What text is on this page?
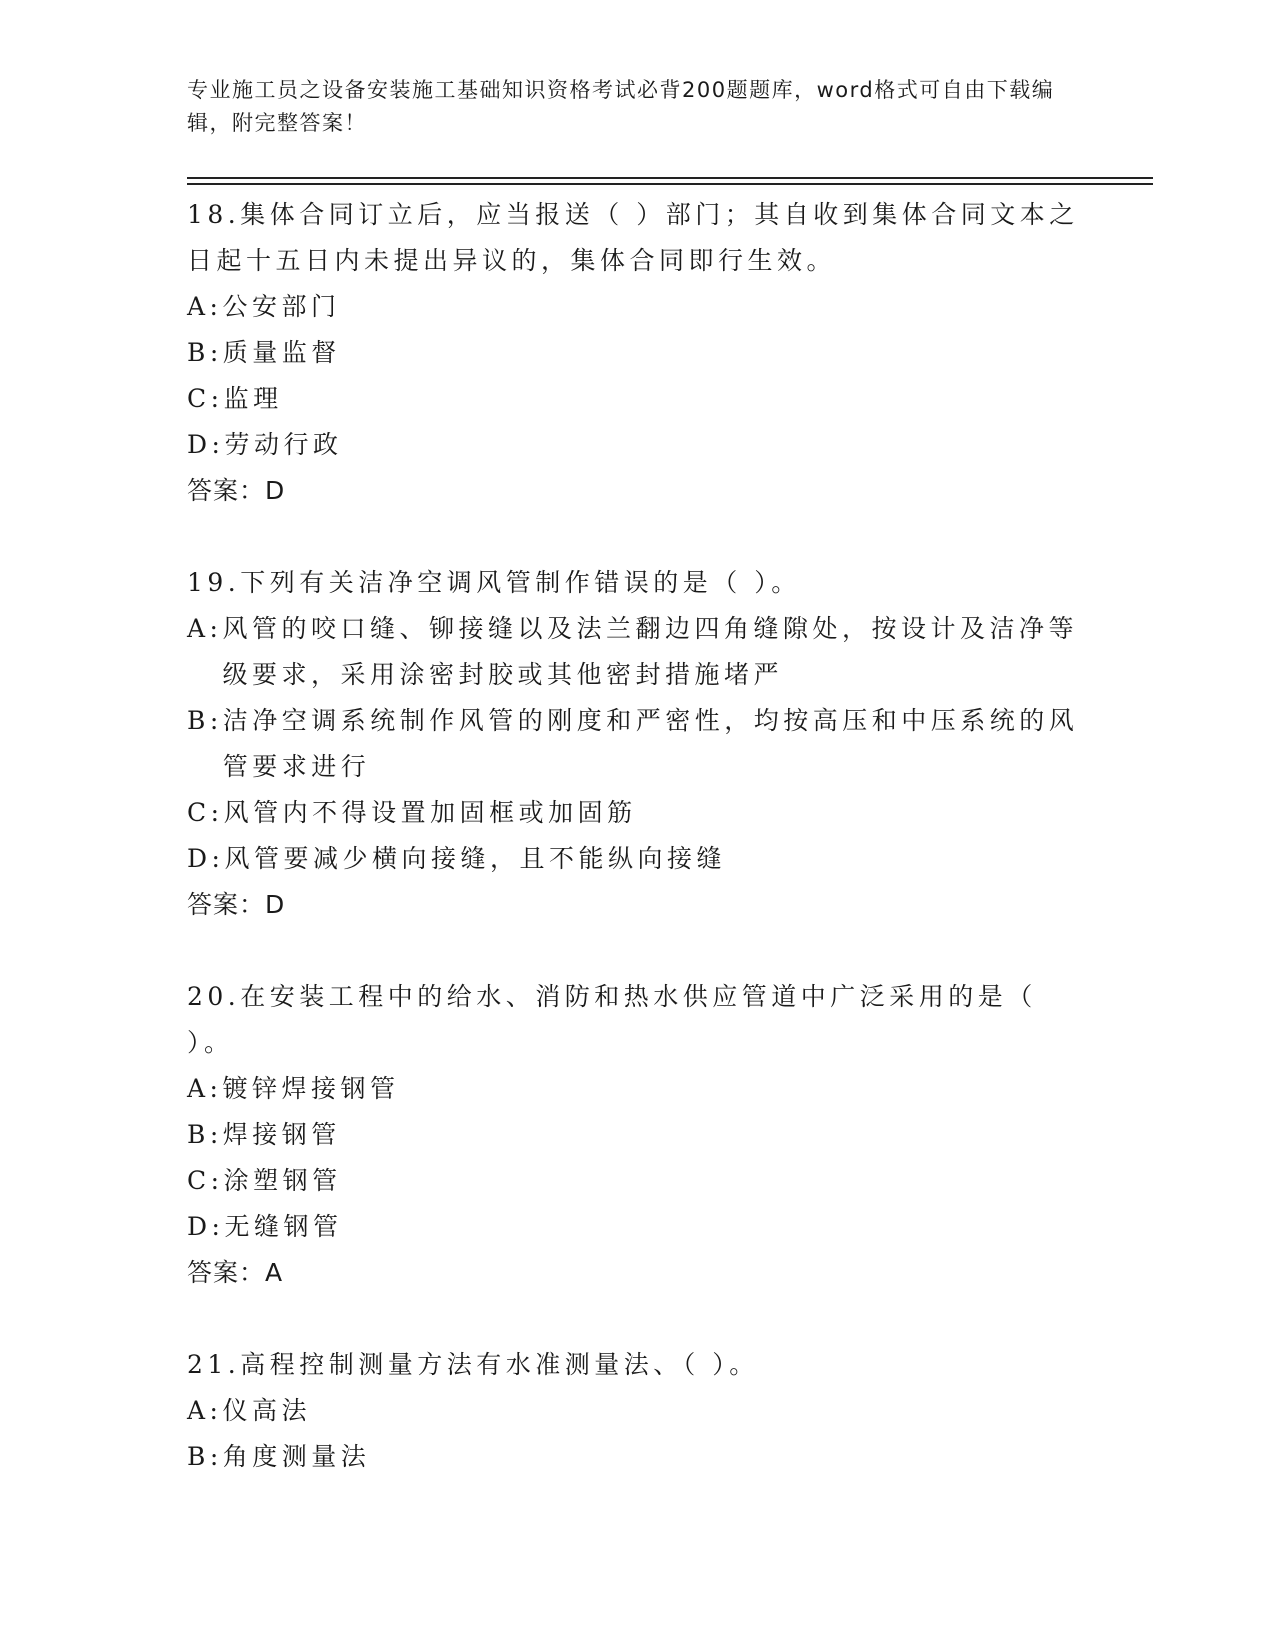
专业施工员之设备安装施工基础知识资格考试必背200题题库，word格式可自由下载编辑，附完整答案！
18.集体合同订立后，应当报送（ ）部门；其自收到集体合同文本之日起十五日内未提出异议的，集体合同即行生效。
A: 公安部门
B: 质量监督
C: 监理
D: 劳动行政
答案：D
19.下列有关洁净空调风管制作错误的是（ ）。
A: 风管的咬口缝、铆接缝以及法兰翻边四角缝隙处，按设计及洁净等级要求，采用涂密封胶或其他密封措施堵严
B: 洁净空调系统制作风管的刚度和严密性，均按高压和中压系统的风管要求进行
C: 风管内不得设置加固框或加固筋
D: 风管要减少横向接缝，且不能纵向接缝
答案：D
20.在安装工程中的给水、消防和热水供应管道中广泛采用的是（ ）。
A: 镀锌焊接钢管
B: 焊接钢管
C: 涂塑钢管
D: 无缝钢管
答案：A
21.高程控制测量方法有水准测量法、（ ）。
A: 仪高法
B: 角度测量法
